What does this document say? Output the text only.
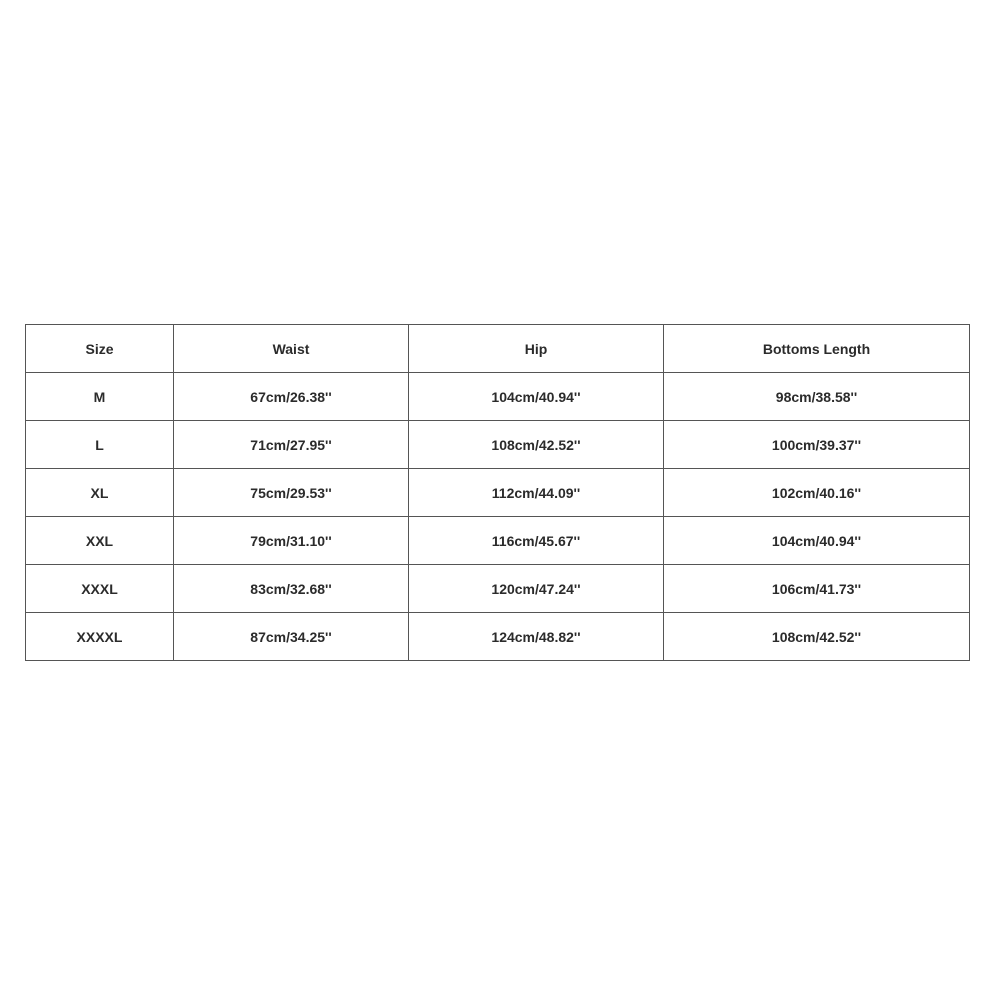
Size	Waist	Hip	Bottoms Length
M	67cm/26.38''	104cm/40.94''	98cm/38.58''
L	71cm/27.95''	108cm/42.52''	100cm/39.37''
XL	75cm/29.53''	112cm/44.09''	102cm/40.16''
XXL	79cm/31.10''	116cm/45.67''	104cm/40.94''
XXXL	83cm/32.68''	120cm/47.24''	106cm/41.73''
XXXXL	87cm/34.25''	124cm/48.82''	108cm/42.52''
